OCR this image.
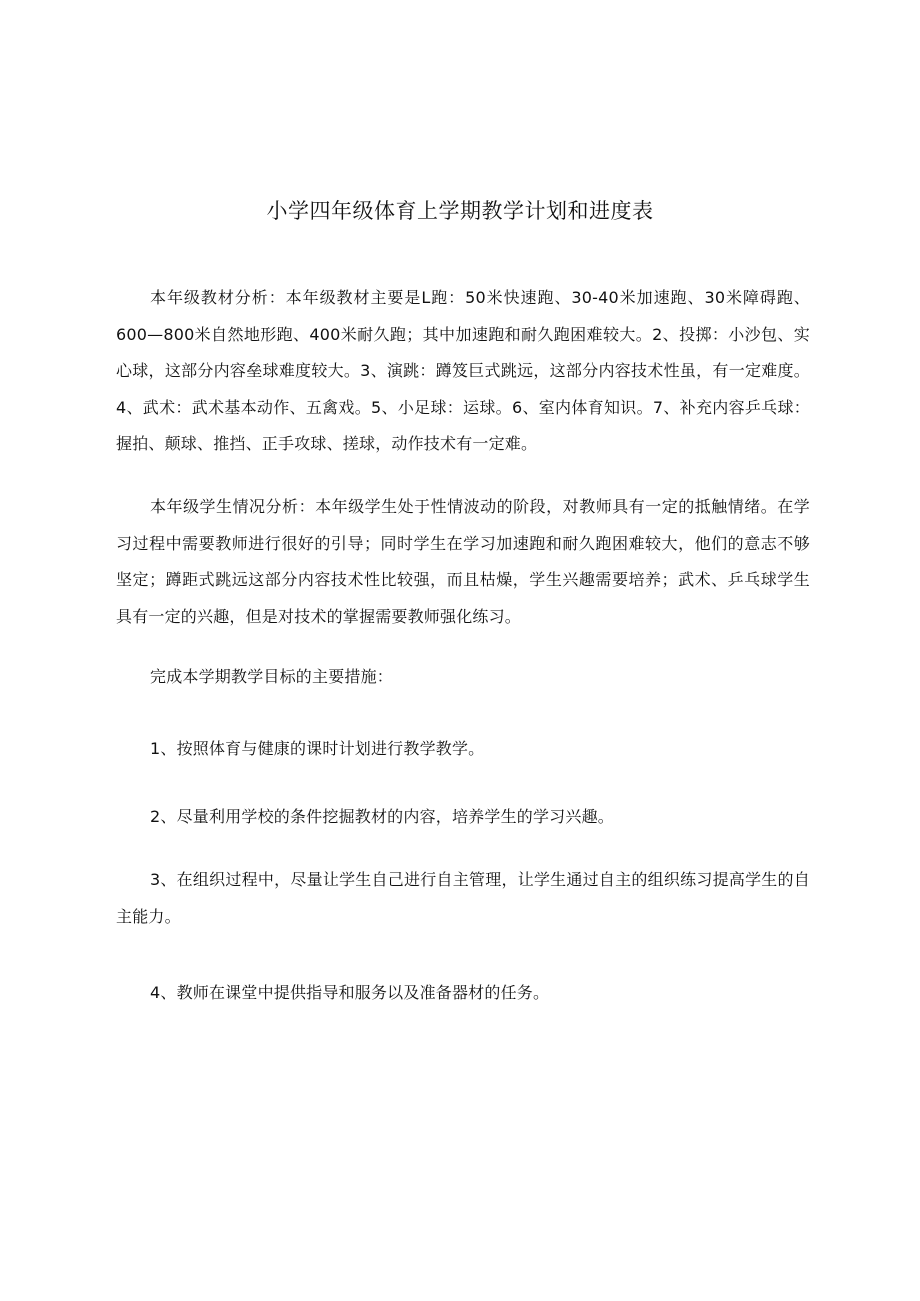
小学四年级体育上学期教学计划和进度表

本年级教材分析：本年级教材主要是L跑：50米快速跑、30-40米加速跑、30米障碍跑、600—800米自然地形跑、400米耐久跑；其中加速跑和耐久跑困难较大。2、投掷：小沙包、实心球，这部分内容垒球难度较大。3、演跳：蹲笈巨式跳远，这部分内容技术性虽，有一定难度。4、武术：武术基本动作、五禽戏。5、小足球：运球。6、室内体育知识。7、补充内容乒乓球：握拍、颠球、推挡、正手攻球、搓球，动作技术有一定难。

本年级学生情况分析：本年级学生处于性情波动的阶段，对教师具有一定的抵触情绪。在学习过程中需要教师进行很好的引导；同时学生在学习加速跑和耐久跑困难较大，他们的意志不够坚定；蹲距式跳远这部分内容技术性比较强，而且枯燥，学生兴趣需要培养；武术、乒乓球学生具有一定的兴趣，但是对技术的掌握需要教师强化练习。

完成本学期教学目标的主要措施：

1、按照体育与健康的课时计划进行教学教学。

2、尽量利用学校的条件挖掘教材的内容，培养学生的学习兴趣。

3、在组织过程中，尽量让学生自己进行自主管理，让学生通过自主的组织练习提高学生的自主能力。

4、教师在课堂中提供指导和服务以及准备器材的任务。
